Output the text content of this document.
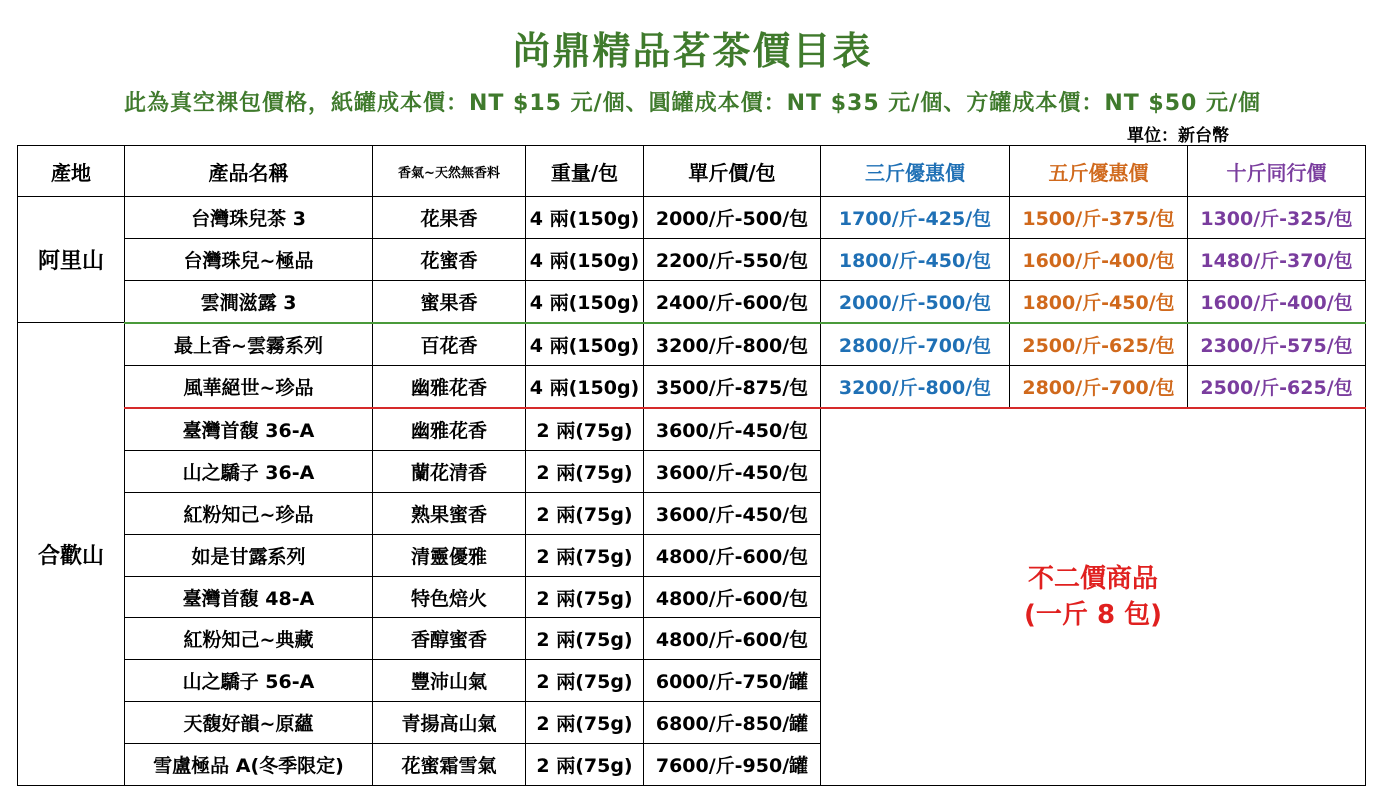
尚鼎精品茗茶價目表
此為真空裸包價格，紙罐成本價：NT $15 元/個、圓罐成本價：NT $35 元/個、方罐成本價：NT $50 元/個
單位：新台幣
產地	產品名稱	香氣~天然無香料	重量/包	單斤價/包	三斤優惠價	五斤優惠價	十斤同行價
阿里山	台灣珠兒茶 3	花果香	4 兩(150g)	2000/斤-500/包	1700/斤-425/包	1500/斤-375/包	1300/斤-325/包
	台灣珠兒~極品	花蜜香	4 兩(150g)	2200/斤-550/包	1800/斤-450/包	1600/斤-400/包	1480/斤-370/包
	雲澗滋露 3	蜜果香	4 兩(150g)	2400/斤-600/包	2000/斤-500/包	1800/斤-450/包	1600/斤-400/包
合歡山	最上香~雲霧系列	百花香	4 兩(150g)	3200/斤-800/包	2800/斤-700/包	2500/斤-625/包	2300/斤-575/包
	風華絕世~珍品	幽雅花香	4 兩(150g)	3500/斤-875/包	3200/斤-800/包	2800/斤-700/包	2500/斤-625/包
	臺灣首馥 36-A	幽雅花香	2 兩(75g)	3600/斤-450/包	不二價商品
(一斤 8 包)		
	山之驕子 36-A	蘭花清香	2 兩(75g)	3600/斤-450/包			
	紅粉知己~珍品	熟果蜜香	2 兩(75g)	3600/斤-450/包			
	如是甘露系列	清靈優雅	2 兩(75g)	4800/斤-600/包			
	臺灣首馥 48-A	特色焙火	2 兩(75g)	4800/斤-600/包			
	紅粉知己~典藏	香醇蜜香	2 兩(75g)	4800/斤-600/包			
	山之驕子 56-A	豐沛山氣	2 兩(75g)	6000/斤-750/罐			
	天馥好韻~原蘊	青揚高山氣	2 兩(75g)	6800/斤-850/罐			
	雪盧極品 A(冬季限定)	花蜜霜雪氣	2 兩(75g)	7600/斤-950/罐			
